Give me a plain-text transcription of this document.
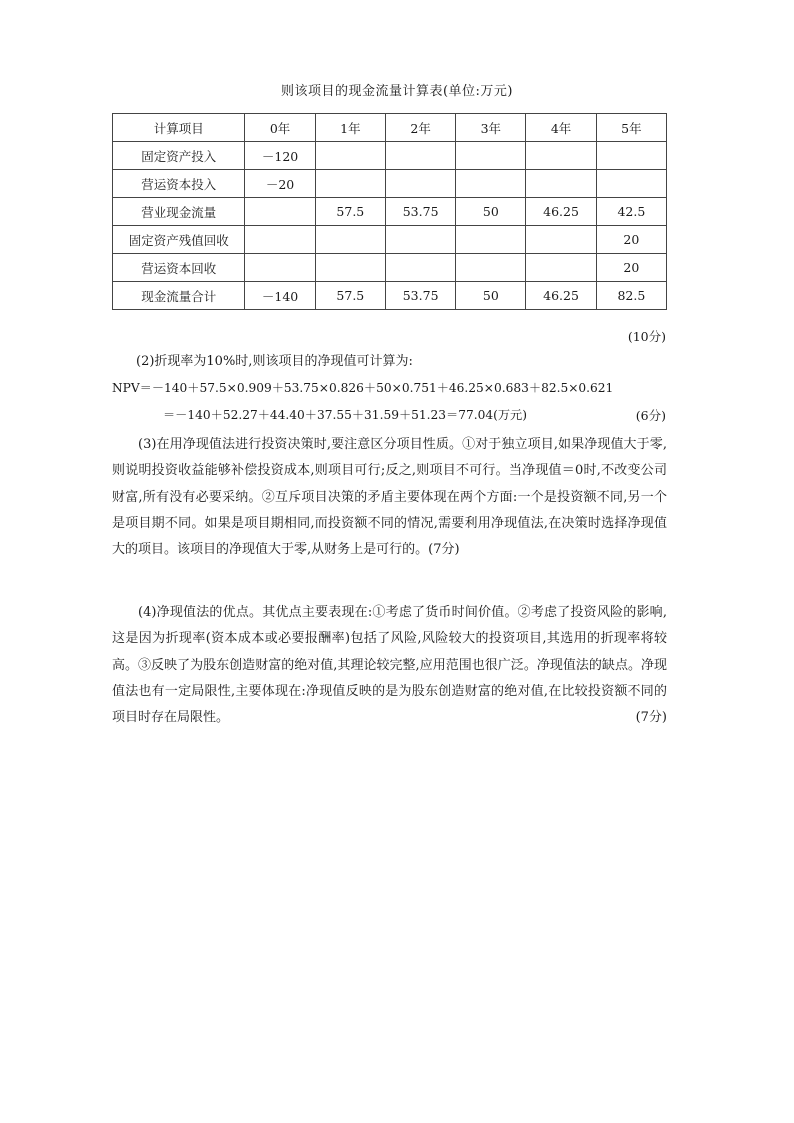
则该项目的现金流量计算表(单位:万元)
计算项目	0年	1年	2年	3年	4年	5年
固定资产投入	－120					
营运资本投入	－20					
营业现金流量		57.5	53.75	50	46.25	42.5
固定资产残值回收						20
营运资本回收						20
现金流量合计	－140	57.5	53.75	50	46.25	82.5
(10分)
(2)折现率为10%时,则该项目的净现值可计算为:
NPV＝－140＋57.5×0.909＋53.75×0.826＋50×0.751＋46.25×0.683＋82.5×0.621
＝－140＋52.27＋44.40＋37.55＋31.59＋51.23＝77.04(万元)	(6分)
(3)在用净现值法进行投资决策时,要注意区分项目性质。①对于独立项目,如果净现值大于零,则说明投资收益能够补偿投资成本,则项目可行;反之,则项目不可行。当净现值＝0时,不改变公司财富,所有没有必要采纳。②互斥项目决策的矛盾主要体现在两个方面:一个是投资额不同,另一个是项目期不同。如果是项目期相同,而投资额不同的情况,需要利用净现值法,在决策时选择净现值大的项目。该项目的净现值大于零,从财务上是可行的。(7分)
(4)净现值法的优点。其优点主要表现在:①考虑了货币时间价值。②考虑了投资风险的影响,这是因为折现率(资本成本或必要报酬率)包括了风险,风险较大的投资项目,其选用的折现率将较高。③反映了为股东创造财富的绝对值,其理论较完整,应用范围也很广泛。净现值法的缺点。净现值法也有一定局限性,主要体现在:净现值反映的是为股东创造财富的绝对值,在比较投资额不同的项目时存在局限性。	(7分)
